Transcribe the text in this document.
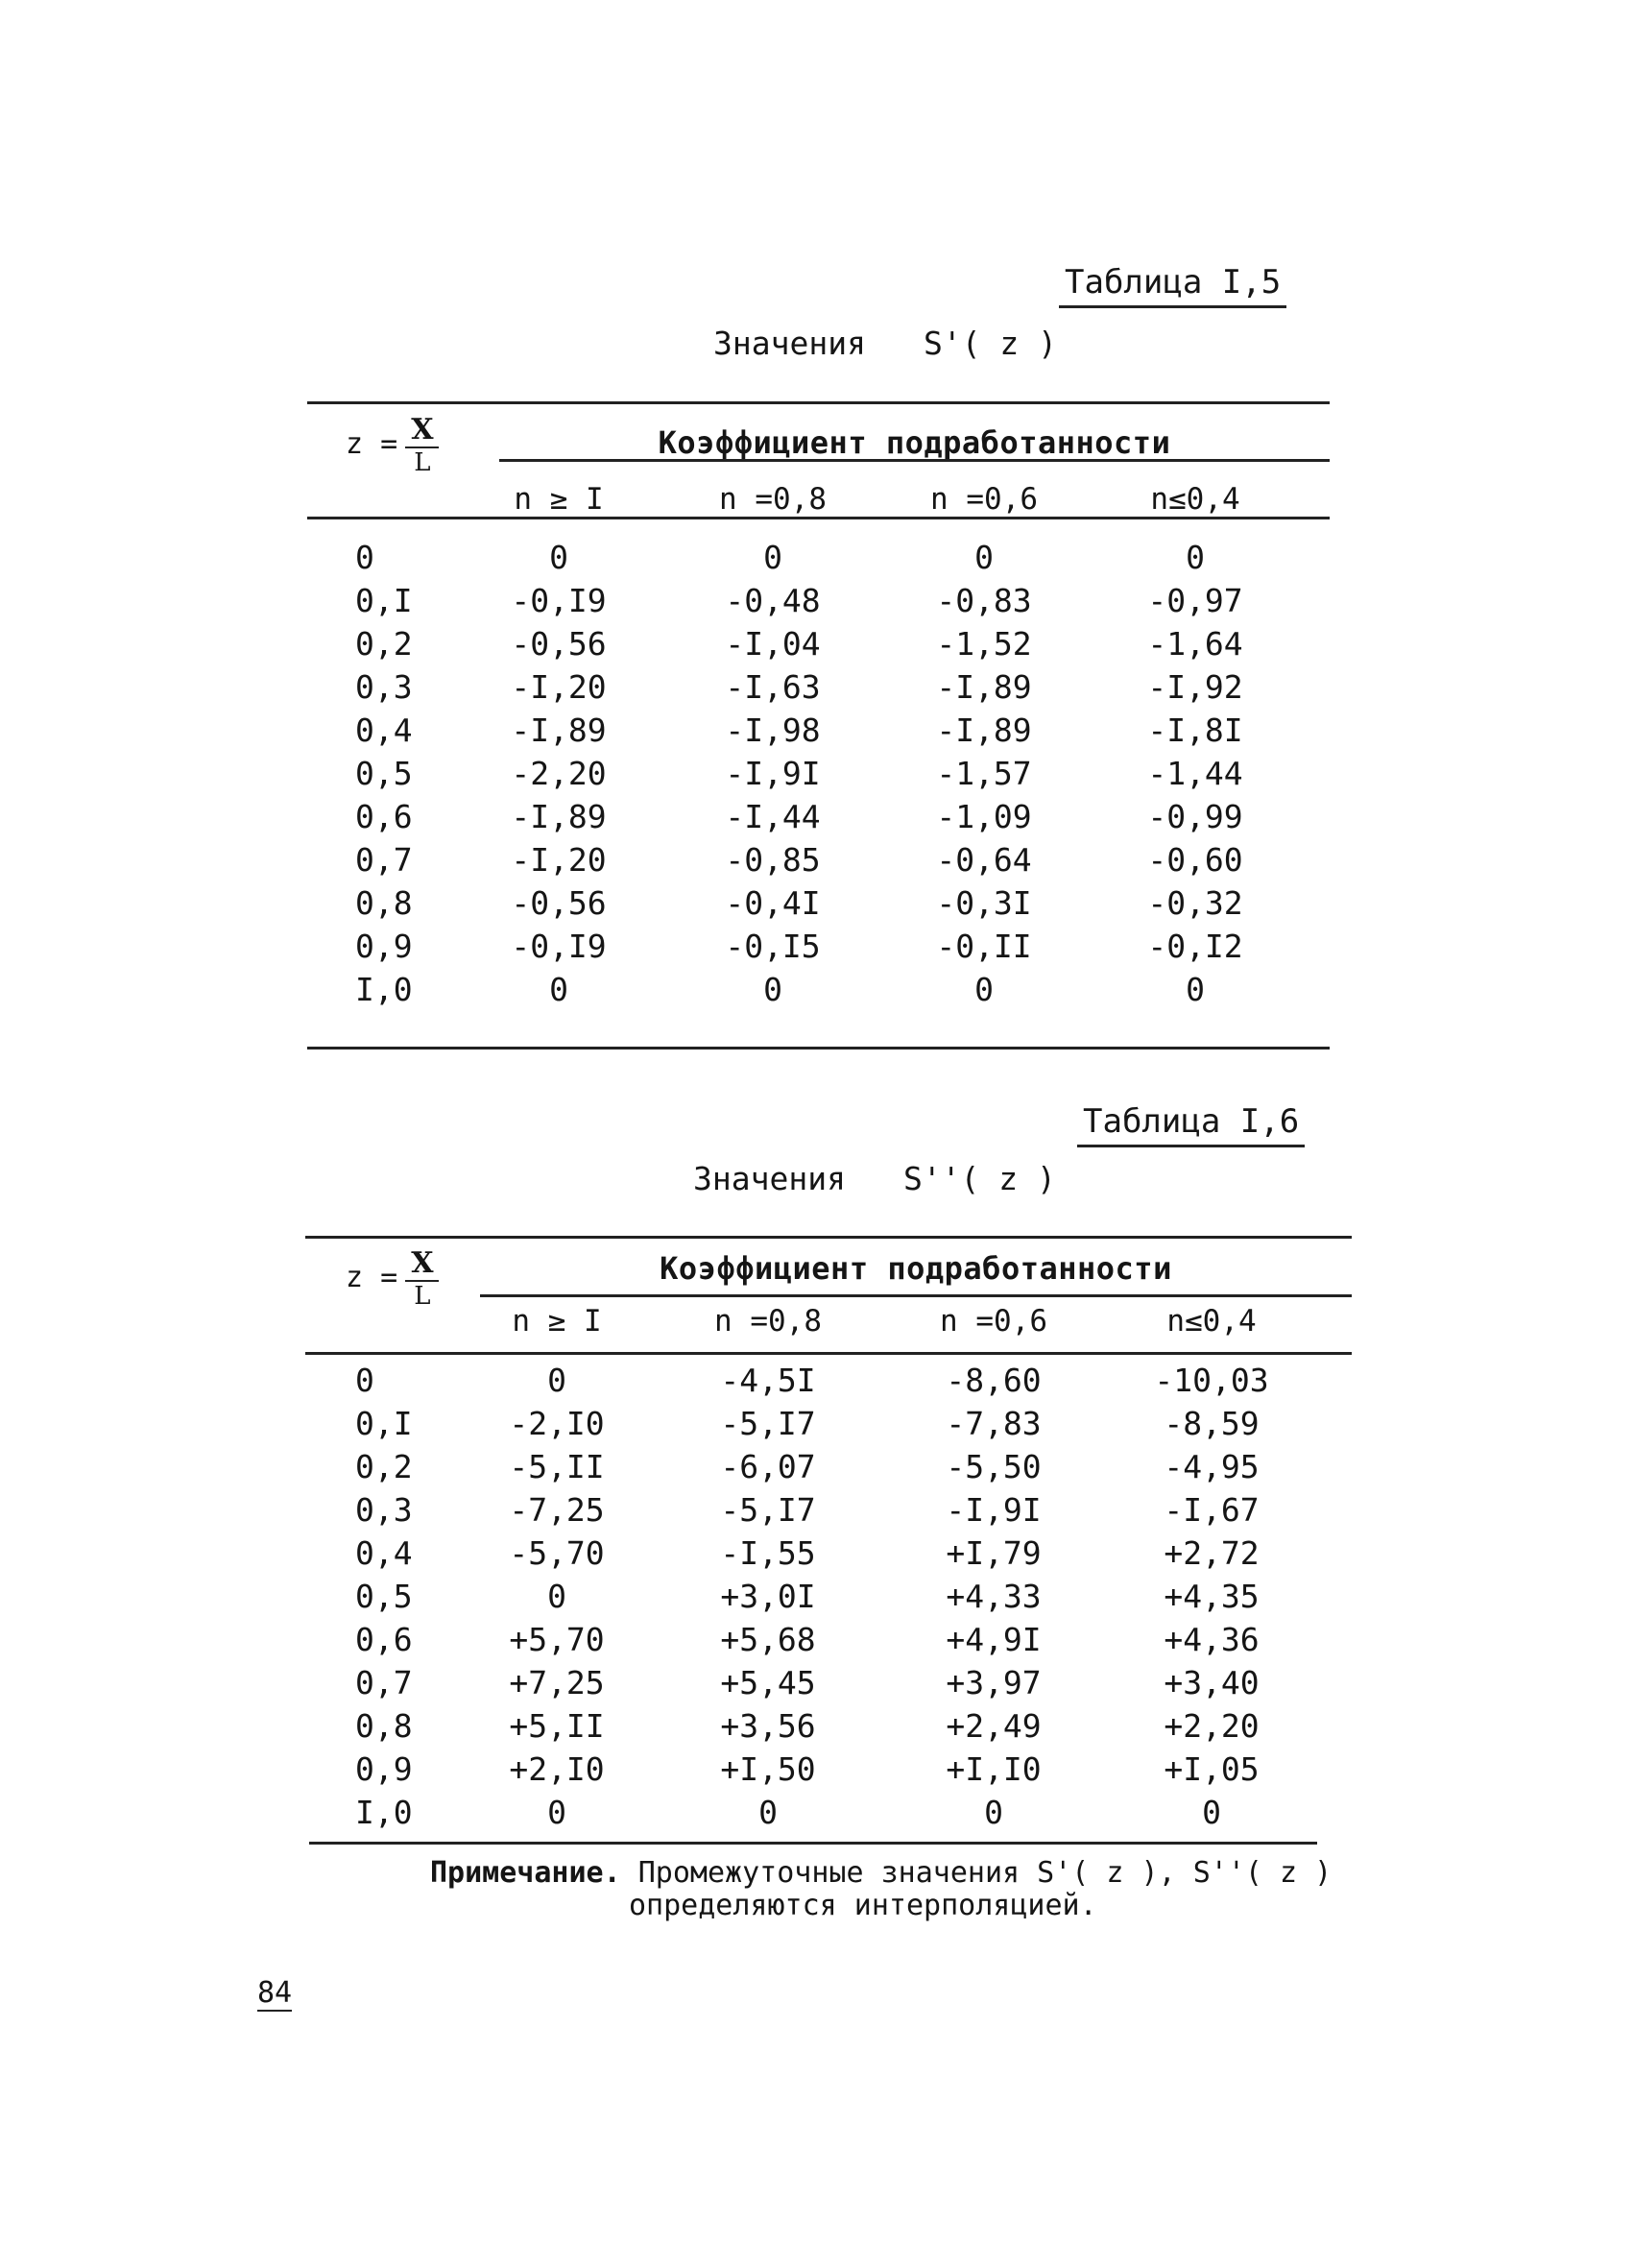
Таблица I,5
Значения S'( z )
$z = \frac{X}{L}$	Коэффициент подработанности
n ≥ I	n =0,8	n =0,6	n≤0,4
0	0	0	0	0
0,I	-0,I9	-0,48	-0,83	-0,97
0,2	-0,56	-I,04	-1,52	-1,64
0,3	-I,20	-I,63	-I,89	-I,92
0,4	-I,89	-I,98	-I,89	-I,8I
0,5	-2,20	-I,9I	-1,57	-1,44
0,6	-I,89	-I,44	-1,09	-0,99
0,7	-I,20	-0,85	-0,64	-0,60
0,8	-0,56	-0,4I	-0,3I	-0,32
0,9	-0,I9	-0,I5	-0,II	-0,I2
I,0	0	0	0	0
Таблица I,6
Значения S''( z )
$z = \frac{X}{L}$	Коэффициент подработанности
n ≥ I	n =0,8	n =0,6	n≤0,4
0	0	-4,5I	-8,60	-10,03
0,I	-2,I0	-5,I7	-7,83	-8,59
0,2	-5,II	-6,07	-5,50	-4,95
0,3	-7,25	-5,I7	-I,9I	-I,67
0,4	-5,70	-I,55	+I,79	+2,72
0,5	0	+3,0I	+4,33	+4,35
0,6	+5,70	+5,68	+4,9I	+4,36
0,7	+7,25	+5,45	+3,97	+3,40
0,8	+5,II	+3,56	+2,49	+2,20
0,9	+2,I0	+I,50	+I,I0	+I,05
I,0	0	0	0	0
Примечание. Промежуточные значения S'( z ), S''( z )
определяются интерполяцией.
84
